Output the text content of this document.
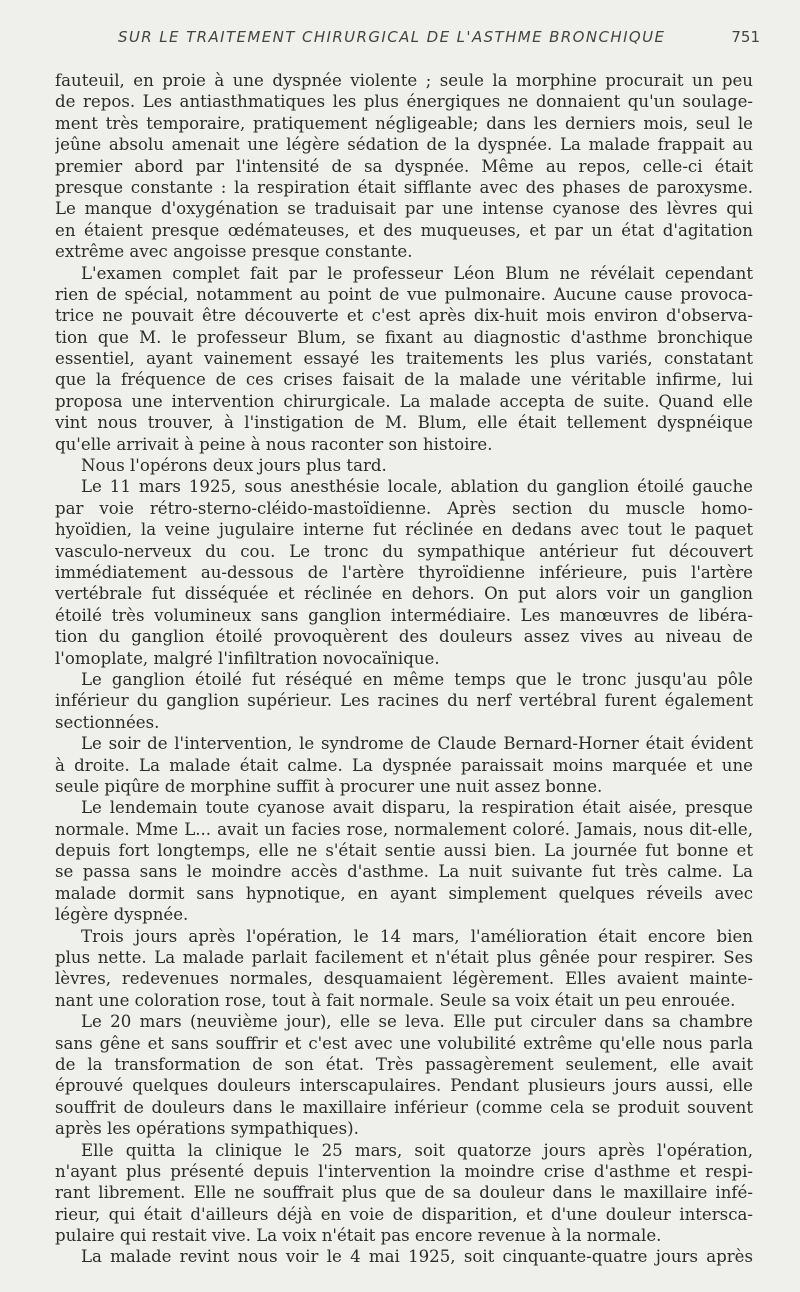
SUR LE TRAITEMENT CHIRURGICAL DE L'ASTHME BRONCHIQUE	751
fauteuil, en proie à une dyspnée violente ; seule la morphine procurait un peu
de repos. Les antiasthmatiques les plus énergiques ne donnaient qu'un soulage-
ment très temporaire, pratiquement négligeable; dans les derniers mois, seul le
jeûne absolu amenait une légère sédation de la dyspnée. La malade frappait au
premier abord par l'intensité de sa dyspnée. Même au repos, celle-ci était
presque constante : la respiration était sifflante avec des phases de paroxysme.
Le manque d'oxygénation se traduisait par une intense cyanose des lèvres qui
en étaient presque œdémateuses, et des muqueuses, et par un état d'agitation
extrême avec angoisse presque constante.
L'examen complet fait par le professeur Léon Blum ne révélait cependant
rien de spécial, notamment au point de vue pulmonaire. Aucune cause provoca-
trice ne pouvait être découverte et c'est après dix-huit mois environ d'observa-
tion que M. le professeur Blum, se fixant au diagnostic d'asthme bronchique
essentiel, ayant vainement essayé les traitements les plus variés, constatant
que la fréquence de ces crises faisait de la malade une véritable infirme, lui
proposa une intervention chirurgicale. La malade accepta de suite. Quand elle
vint nous trouver, à l'instigation de M. Blum, elle était tellement dyspnéique
qu'elle arrivait à peine à nous raconter son histoire.
Nous l'opérons deux jours plus tard.
Le 11 mars 1925, sous anesthésie locale, ablation du ganglion étoilé gauche
par voie rétro-sterno-cléido-mastoïdienne. Après section du muscle homo-
hyoïdien, la veine jugulaire interne fut réclinée en dedans avec tout le paquet
vasculo-nerveux du cou. Le tronc du sympathique antérieur fut découvert
immédiatement au-dessous de l'artère thyroïdienne inférieure, puis l'artère
vertébrale fut disséquée et réclinée en dehors. On put alors voir un ganglion
étoilé très volumineux sans ganglion intermédiaire. Les manœuvres de libéra-
tion du ganglion étoilé provoquèrent des douleurs assez vives au niveau de
l'omoplate, malgré l'infiltration novocaïnique.
Le ganglion étoilé fut réséqué en même temps que le tronc jusqu'au pôle
inférieur du ganglion supérieur. Les racines du nerf vertébral furent également
sectionnées.
Le soir de l'intervention, le syndrome de Claude Bernard-Horner était évident
à droite. La malade était calme. La dyspnée paraissait moins marquée et une
seule piqûre de morphine suffit à procurer une nuit assez bonne.
Le lendemain toute cyanose avait disparu, la respiration était aisée, presque
normale. Mme L... avait un facies rose, normalement coloré. Jamais, nous dit-elle,
depuis fort longtemps, elle ne s'était sentie aussi bien. La journée fut bonne et
se passa sans le moindre accès d'asthme. La nuit suivante fut très calme. La
malade dormit sans hypnotique, en ayant simplement quelques réveils avec
légère dyspnée.
Trois jours après l'opération, le 14 mars, l'amélioration était encore bien
plus nette. La malade parlait facilement et n'était plus gênée pour respirer. Ses
lèvres, redevenues normales, desquamaient légèrement. Elles avaient mainte-
nant une coloration rose, tout à fait normale. Seule sa voix était un peu enrouée.
Le 20 mars (neuvième jour), elle se leva. Elle put circuler dans sa chambre
sans gêne et sans souffrir et c'est avec une volubilité extrême qu'elle nous parla
de la transformation de son état. Très passagèrement seulement, elle avait
éprouvé quelques douleurs interscapulaires. Pendant plusieurs jours aussi, elle
souffrit de douleurs dans le maxillaire inférieur (comme cela se produit souvent
après les opérations sympathiques).
Elle quitta la clinique le 25 mars, soit quatorze jours après l'opération,
n'ayant plus présenté depuis l'intervention la moindre crise d'asthme et respi-
rant librement. Elle ne souffrait plus que de sa douleur dans le maxillaire infé-
rieur, qui était d'ailleurs déjà en voie de disparition, et d'une douleur intersca-
pulaire qui restait vive. La voix n'était pas encore revenue à la normale.
La malade revint nous voir le 4 mai 1925, soit cinquante-quatre jours après
